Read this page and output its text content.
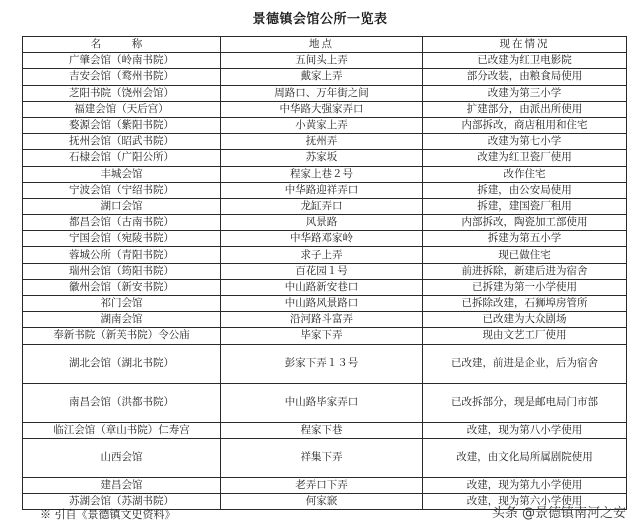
景德镇会馆公所一览表
名　称	地点	现在情况
广肇会馆（岭南书院）	五间头上弄	已改建为红卫电影院
吉安会馆（鹜州书院）	戴家上弄	部分改装，由粮食局使用
芝阳书院（饶州会馆）	周路口、万年街之间	改建为第三小学
福建会馆（天后宫）	中华路大强家弄口	扩建部分，由派出所使用
婺源会馆（紫阳书院）	小黄家上弄	内部拆改，商店租用和住宅
抚州会馆（昭武书院）	抚州弄	改建为第七小学
石棣会馆（广阳公所）	苏家坂	改建为红卫瓷厂使用
丰城会馆	程家上巷２号	改作住宅
宁波会馆（宁绍书院）	中华路迎祥弄口	拆建，由公安局使用
湖口会馆	龙缸弄口	拆建，建国瓷厂租用
都昌会馆（古南书院）	风景路	内部拆改，陶瓷加工部使用
宁国会馆（宛陵书院）	中华路邓家岭	拆建为第五小学
蓉城公所（青阳书院）	求子上弄	现已做住宅
瑞州会馆（筠阳书院）	百花园１号	前进拆除，新建后进为宿舍
徽州会馆（新安书院）	中山路新安巷口	已拆建为第一小学使用
祁门会馆	中山路风景路口	已拆除改建，石狮埠房管所
湖南会馆	沿河路斗富弄	已改建为大众剧场
奉新书院（新芙书院）令公庙	毕家下弄	现由文艺工厂使用
湖北会馆（湖北书院）	彭家下弄１３号	已改建，前进是企业，后为宿舍
南昌会馆（洪都书院）	中山路毕家弄口	已改拆部分，现是邮电局门市部
临江会馆（章山书院）仁寿宫	程家下巷	改建，现为第八小学使用
山西会馆	祥集下弄	改建，由文化局所属剧院使用
建昌会馆	老弄口下弄	改建，现为第九小学使用
苏湖会馆（苏湖书院）	何家窾	改建，现为第六小学使用
※ 引自《景德镇文史资料》	头条 @景德镇南河之安
